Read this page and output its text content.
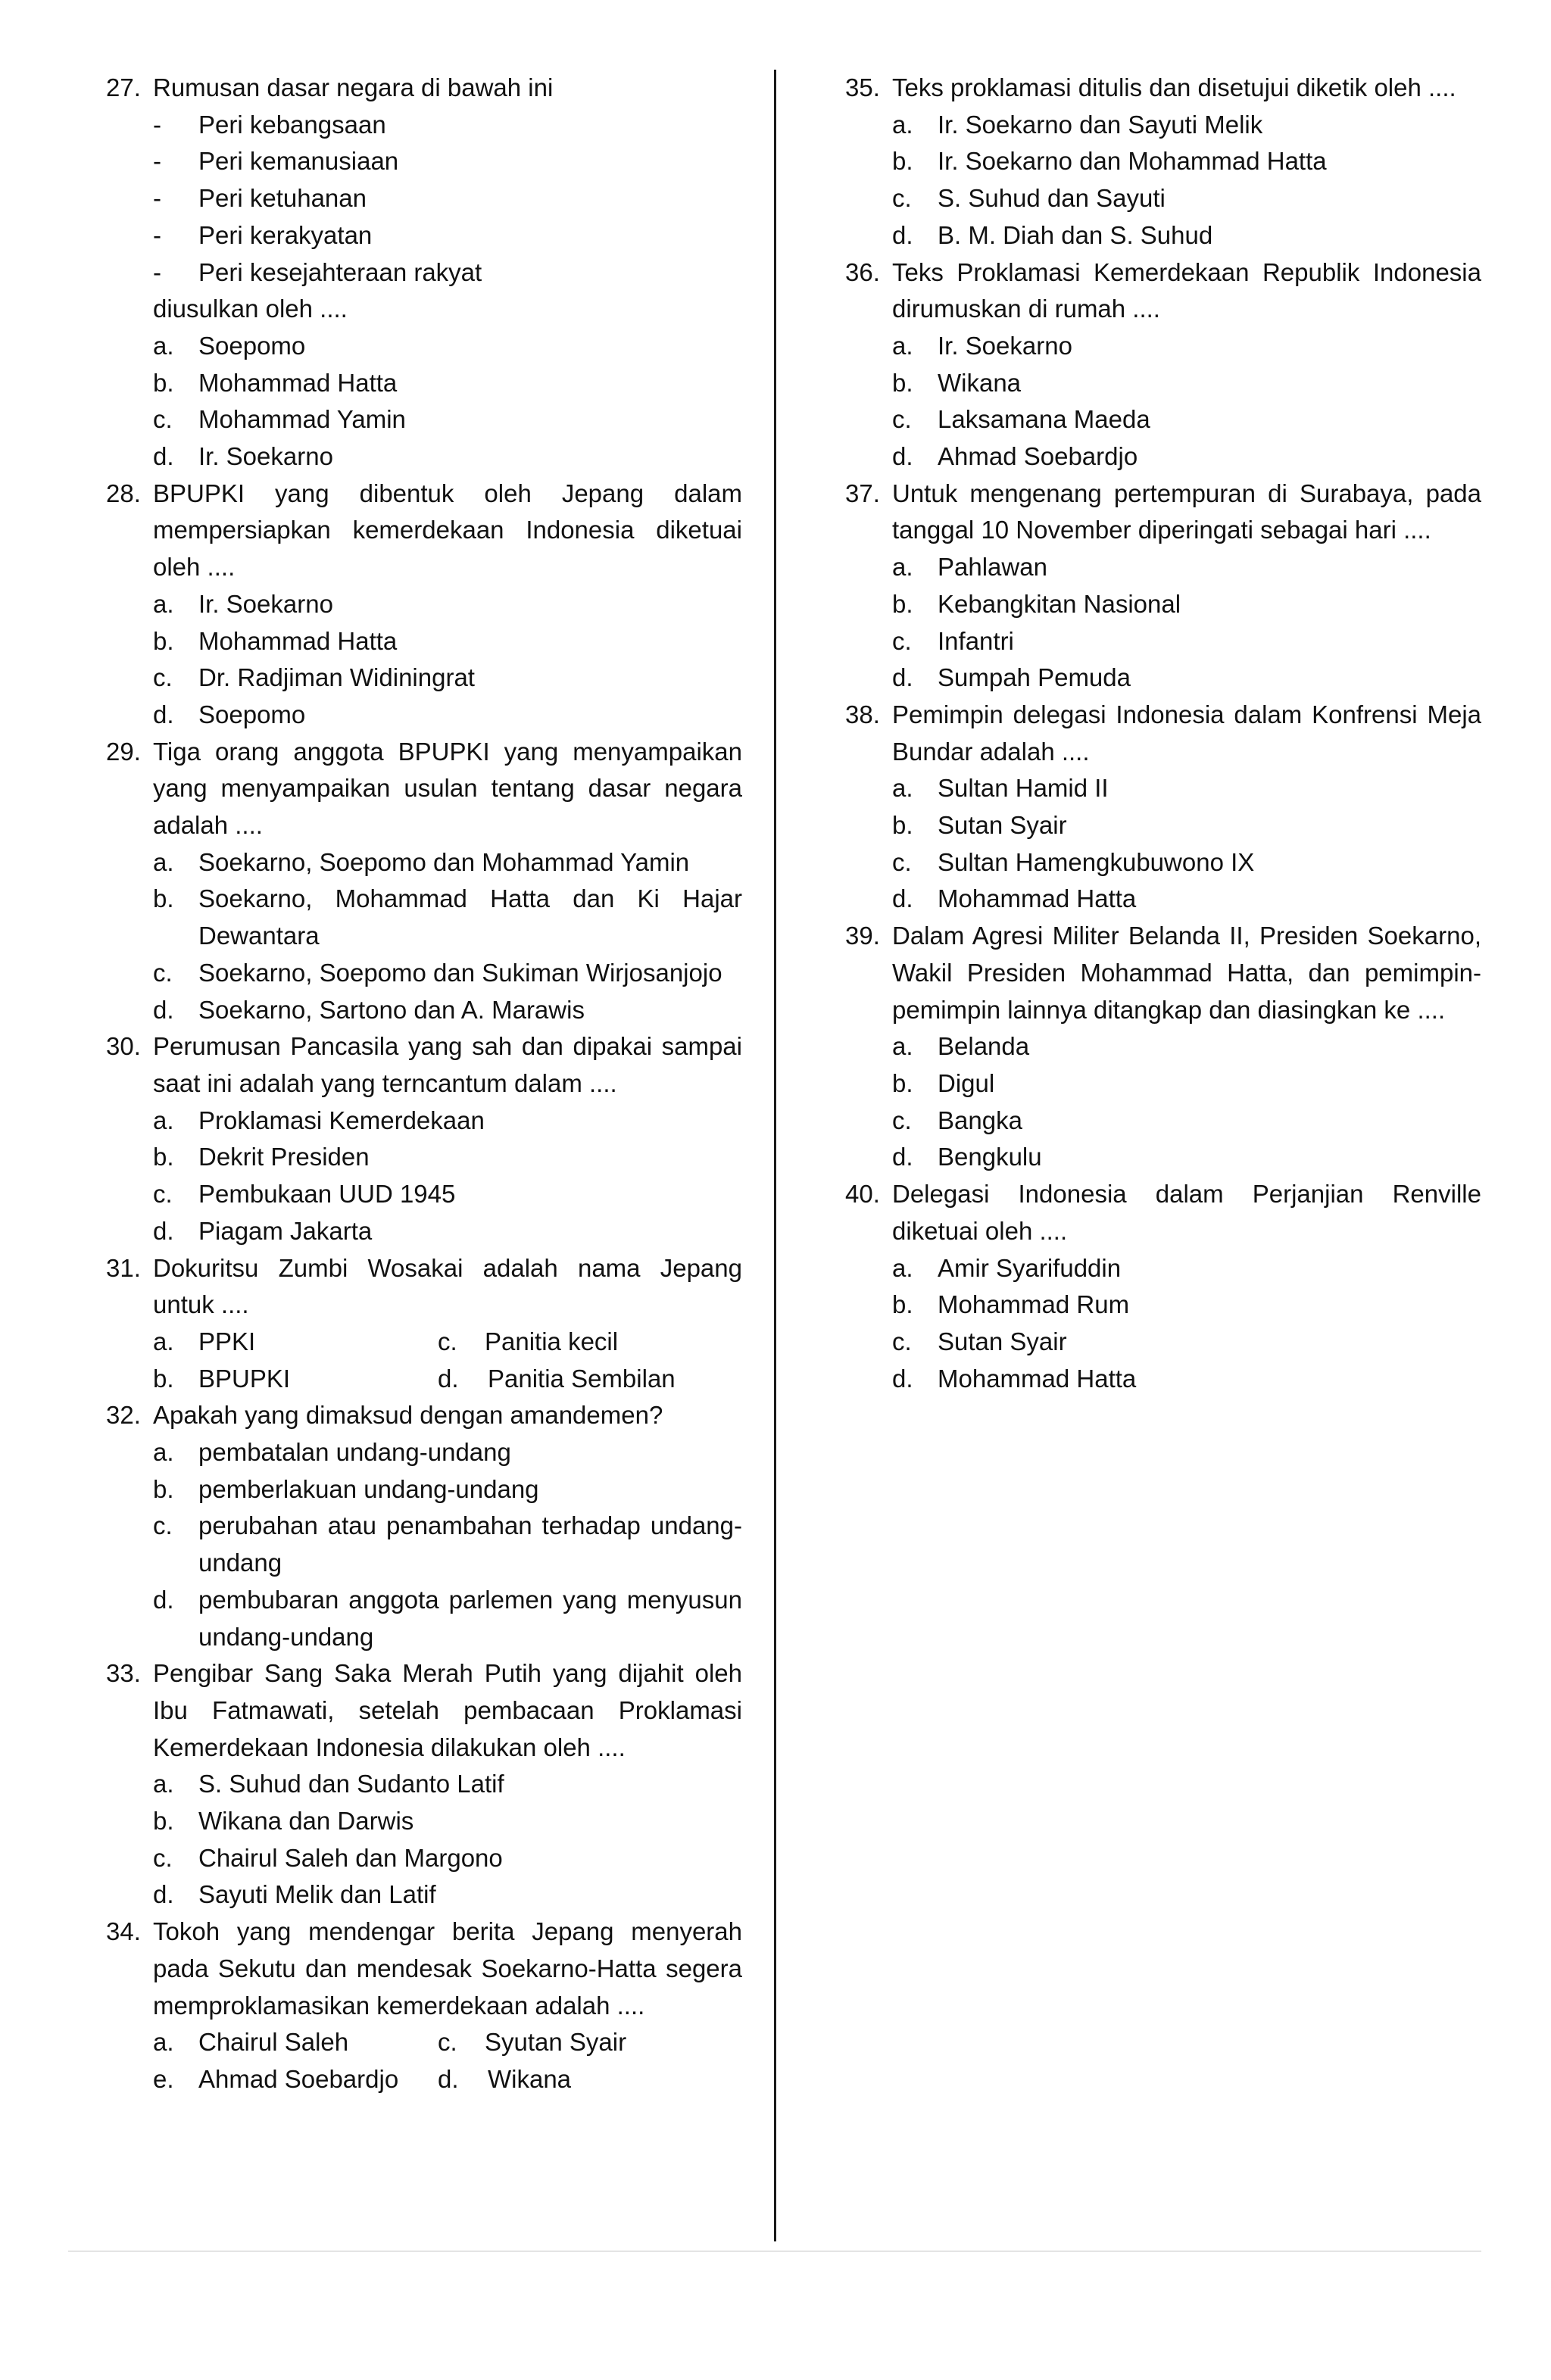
27. Rumusan dasar negara di bawah ini
-	Peri kebangsaan
-	Peri kemanusiaan
-	Peri ketuhanan
-	Peri kerakyatan
-	Peri kesejahteraan rakyat
diusulkan oleh ....
a. Soepomo
b. Mohammad Hatta
c.	Mohammad Yamin
d. Ir. Soekarno
28. BPUPKI yang dibentuk oleh Jepang dalam mempersiapkan kemerdekaan Indonesia diketuai oleh ....
a. Ir. Soekarno
b. Mohammad Hatta
c.	Dr. Radjiman Widiningrat
d. Soepomo
29. Tiga orang anggota BPUPKI yang menyampaikan yang menyampaikan usulan tentang dasar negara adalah ....
a. Soekarno, Soepomo dan Mohammad Yamin
b. Soekarno, Mohammad Hatta dan Ki Hajar Dewantara
c.	Soekarno, Soepomo dan Sukiman Wirjosanjojo
d. Soekarno, Sartono dan A. Marawis
30. Perumusan Pancasila yang sah dan dipakai sampai saat ini adalah yang terncantum dalam ....
a. Proklamasi Kemerdekaan
b. Dekrit Presiden
c.	Pembukaan UUD 1945
d. Piagam Jakarta
31. Dokuritsu Zumbi Wosakai adalah nama Jepang untuk ....
a. PPKI	c.	Panitia kecil
b. BPUPKI	d.	Panitia Sembilan
32. Apakah yang dimaksud dengan amandemen?
a. pembatalan undang-undang
b. pemberlakuan undang-undang
c.	perubahan atau penambahan terhadap undang-undang
d. pembubaran anggota parlemen yang menyusun undang-undang
33. Pengibar Sang Saka Merah Putih yang dijahit oleh Ibu Fatmawati, setelah pembacaan Proklamasi Kemerdekaan Indonesia dilakukan oleh ....
a. S. Suhud dan Sudanto Latif
b. Wikana dan Darwis
c.	Chairul Saleh dan Margono
d. Sayuti Melik dan Latif
34. Tokoh yang mendengar berita Jepang menyerah pada Sekutu dan mendesak Soekarno-Hatta segera memproklamasikan kemerdekaan adalah ....
a. Chairul Saleh	c.	Syutan Syair
e. Ahmad Soebardjo d.	Wikana
35. Teks proklamasi ditulis dan disetujui diketik oleh ....
a. Ir. Soekarno dan Sayuti Melik
b. Ir. Soekarno dan Mohammad Hatta
c.	S. Suhud dan Sayuti
d. B. M. Diah dan S. Suhud
36. Teks Proklamasi Kemerdekaan Republik Indonesia dirumuskan di rumah ....
a. Ir. Soekarno
b. Wikana
c.	Laksamana Maeda
d. Ahmad Soebardjo
37. Untuk mengenang pertempuran di Surabaya, pada tanggal 10 November diperingati sebagai hari ....
a. Pahlawan
b. Kebangkitan Nasional
c.	Infantri
d. Sumpah Pemuda
38. Pemimpin delegasi Indonesia dalam Konfrensi Meja Bundar adalah ....
a. Sultan Hamid II
b. Sutan Syair
c.	Sultan Hamengkubuwono IX
d. Mohammad Hatta
39. Dalam Agresi Militer Belanda II, Presiden Soekarno, Wakil Presiden Mohammad Hatta, dan pemimpin-pemimpin lainnya ditangkap dan diasingkan ke ....
a. Belanda
b. Digul
c.	Bangka
d. Bengkulu
40. Delegasi Indonesia dalam Perjanjian Renville diketuai oleh ....
a. Amir Syarifuddin
b. Mohammad Rum
c.	Sutan Syair
d. Mohammad Hatta
